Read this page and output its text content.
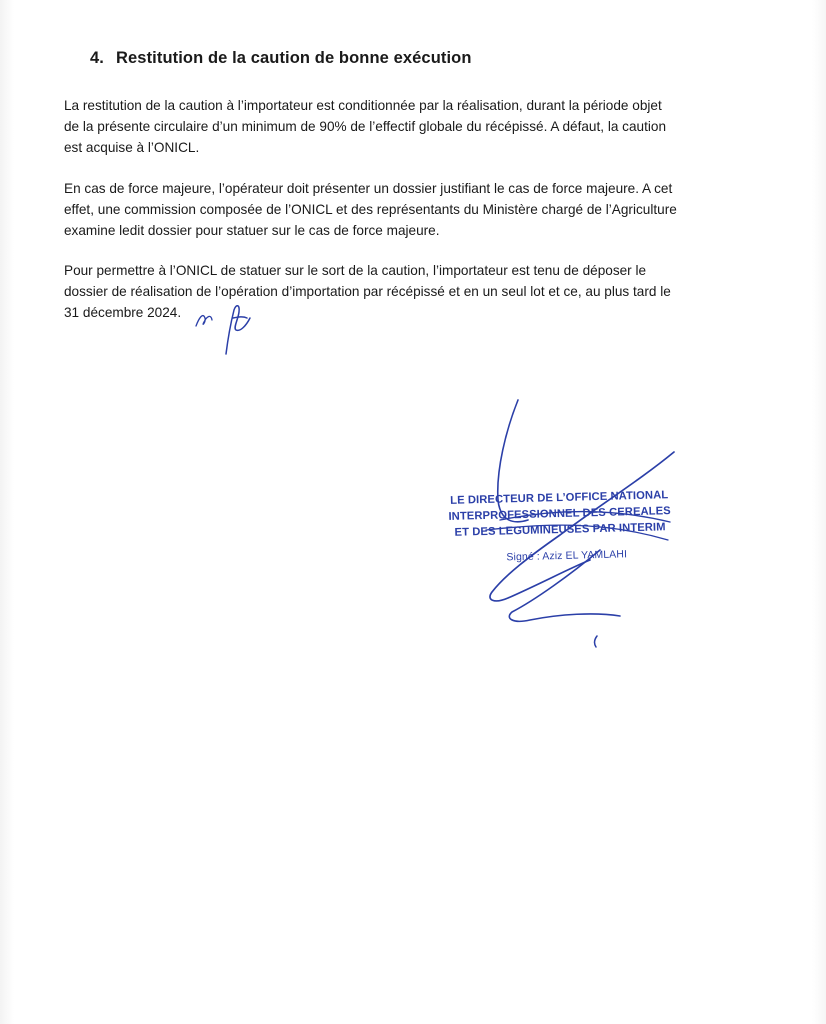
4. Restitution de la caution de bonne exécution
La restitution de la caution à l’importateur est conditionnée par la réalisation, durant la période objet
de la présente circulaire d’un minimum de 90% de l’effectif globale du récépissé. A défaut, la caution
est acquise à l’ONICL.
En cas de force majeure, l’opérateur doit présenter un dossier justifiant le cas de force majeure. A cet
effet, une commission composée de l’ONICL et des représentants du Ministère chargé de l’Agriculture
examine ledit dossier pour statuer sur le cas de force majeure.
Pour permettre à l’ONICL de statuer sur le sort de la caution, l’importateur est tenu de déposer le
dossier de réalisation de l’opération d’importation par récépissé et en un seul lot et ce, au plus tard le
31 décembre 2024.
LE DIRECTEUR DE L’OFFICE NATIONAL
INTERPROFESSIONNEL DES CEREALES
ET DES LEGUMINEUSES PAR INTERIM
Signé : Aziz EL YAMLAHI
